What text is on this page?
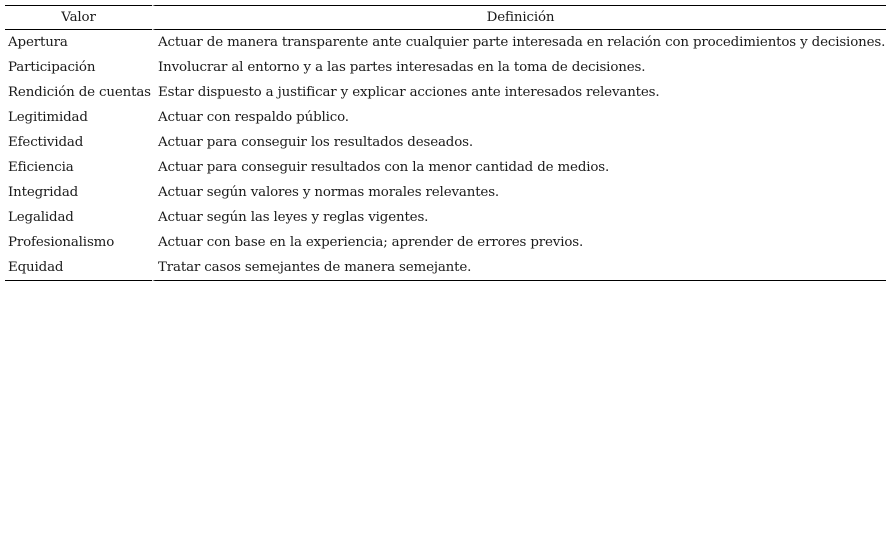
Valor	Definición
Apertura	Actuar de manera transparente ante cualquier parte interesada en relación con procedimientos y decisiones.
Participación	Involucrar al entorno y a las partes interesadas en la toma de decisiones.
Rendición de cuentas	Estar dispuesto a justificar y explicar acciones ante interesados relevantes.
Legitimidad	Actuar con respaldo público.
Efectividad	Actuar para conseguir los resultados deseados.
Eficiencia	Actuar para conseguir resultados con la menor cantidad de medios.
Integridad	Actuar según valores y normas morales relevantes.
Legalidad	Actuar según las leyes y reglas vigentes.
Profesionalismo	Actuar con base en la experiencia; aprender de errores previos.
Equidad	Tratar casos semejantes de manera semejante.
